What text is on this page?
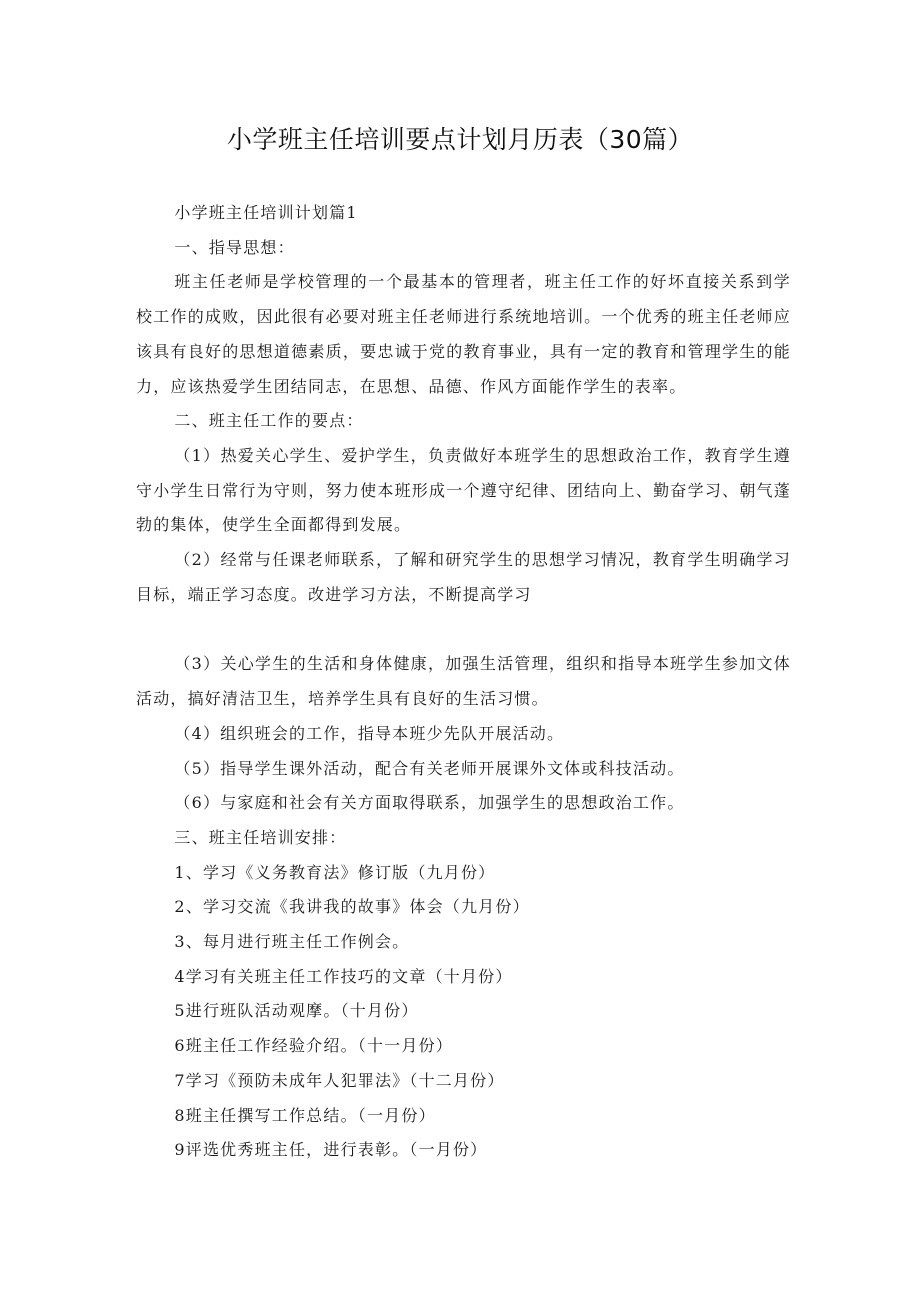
小学班主任培训要点计划月历表（30篇）

小学班主任培训计划篇1

一、指导思想：

班主任老师是学校管理的一个最基本的管理者，班主任工作的好坏直接关系到学校工作的成败，因此很有必要对班主任老师进行系统地培训。一个优秀的班主任老师应该具有良好的思想道德素质，要忠诚于党的教育事业，具有一定的教育和管理学生的能力，应该热爱学生团结同志，在思想、品德、作风方面能作学生的表率。

二、班主任工作的要点：

（1）热爱关心学生、爱护学生，负责做好本班学生的思想政治工作，教育学生遵守小学生日常行为守则，努力使本班形成一个遵守纪律、团结向上、勤奋学习、朝气蓬勃的集体，使学生全面都得到发展。

（2）经常与任课老师联系，了解和研究学生的思想学习情况，教育学生明确学习目标，端正学习态度。改进学习方法，不断提高学习

（3）关心学生的生活和身体健康，加强生活管理，组织和指导本班学生参加文体活动，搞好清洁卫生，培养学生具有良好的生活习惯。

（4）组织班会的工作，指导本班少先队开展活动。

（5）指导学生课外活动，配合有关老师开展课外文体或科技活动。

（6）与家庭和社会有关方面取得联系，加强学生的思想政治工作。

三、班主任培训安排：

1、学习《义务教育法》修订版（九月份）

2、学习交流《我讲我的故事》体会（九月份）

3、每月进行班主任工作例会。

4学习有关班主任工作技巧的文章（十月份）

5进行班队活动观摩。（十月份）

6班主任工作经验介绍。（十一月份）

7学习《预防未成年人犯罪法》（十二月份）

8班主任撰写工作总结。（一月份）

9评选优秀班主任，进行表彰。（一月份）
